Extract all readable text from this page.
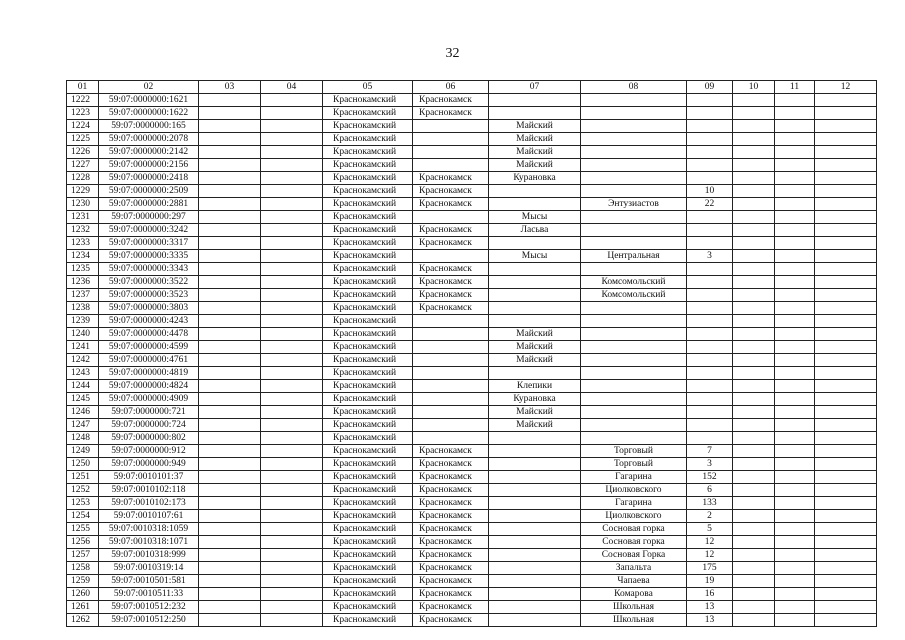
32
01	02	03	04	05	06	07	08	09	10	11	12
1222	59:07:0000000:1621			Краснокамский	Краснокамск						
1223	59:07:0000000:1622			Краснокамский	Краснокамск						
1224	59:07:0000000:165			Краснокамский		Майский					
1225	59:07:0000000:2078			Краснокамский		Майский					
1226	59:07:0000000:2142			Краснокамский		Майский					
1227	59:07:0000000:2156			Краснокамский		Майский					
1228	59:07:0000000:2418			Краснокамский	Краснокамск	Курановка					
1229	59:07:0000000:2509			Краснокамский	Краснокамск			10			
1230	59:07:0000000:2881			Краснокамский	Краснокамск		Энтузиастов	22			
1231	59:07:0000000:297			Краснокамский		Мысы					
1232	59:07:0000000:3242			Краснокамский	Краснокамск	Ласьва					
1233	59:07:0000000:3317			Краснокамский	Краснокамск						
1234	59:07:0000000:3335			Краснокамский		Мысы	Центральная	3			
1235	59:07:0000000:3343			Краснокамский	Краснокамск						
1236	59:07:0000000:3522			Краснокамский	Краснокамск		Комсомольский				
1237	59:07:0000000:3523			Краснокамский	Краснокамск		Комсомольский				
1238	59:07:0000000:3803			Краснокамский	Краснокамск						
1239	59:07:0000000:4243			Краснокамский							
1240	59:07:0000000:4478			Краснокамский		Майский					
1241	59:07:0000000:4599			Краснокамский		Майский					
1242	59:07:0000000:4761			Краснокамский		Майский					
1243	59:07:0000000:4819			Краснокамский							
1244	59:07:0000000:4824			Краснокамский		Клепики					
1245	59:07:0000000:4909			Краснокамский		Курановка					
1246	59:07:0000000:721			Краснокамский		Майский					
1247	59:07:0000000:724			Краснокамский		Майский					
1248	59:07:0000000:802			Краснокамский							
1249	59:07:0000000:912			Краснокамский	Краснокамск		Торговый	7			
1250	59:07:0000000:949			Краснокамский	Краснокамск		Торговый	3			
1251	59:07:0010101:37			Краснокамский	Краснокамск		Гагарина	152			
1252	59:07:0010102:118			Краснокамский	Краснокамск		Циолковского	6			
1253	59:07:0010102:173			Краснокамский	Краснокамск		Гагарина	133			
1254	59:07:0010107:61			Краснокамский	Краснокамск		Циолковского	2			
1255	59:07:0010318:1059			Краснокамский	Краснокамск		Сосновая горка	5			
1256	59:07:0010318:1071			Краснокамский	Краснокамск		Сосновая горка	12			
1257	59:07:0010318:999			Краснокамский	Краснокамск		Сосновая Горка	12			
1258	59:07:0010319:14			Краснокамский	Краснокамск		Запальта	175			
1259	59:07:0010501:581			Краснокамский	Краснокамск		Чапаева	19			
1260	59:07:0010511:33			Краснокамский	Краснокамск		Комарова	16			
1261	59:07:0010512:232			Краснокамский	Краснокамск		Школьная	13			
1262	59:07:0010512:250			Краснокамский	Краснокамск		Школьная	13			
